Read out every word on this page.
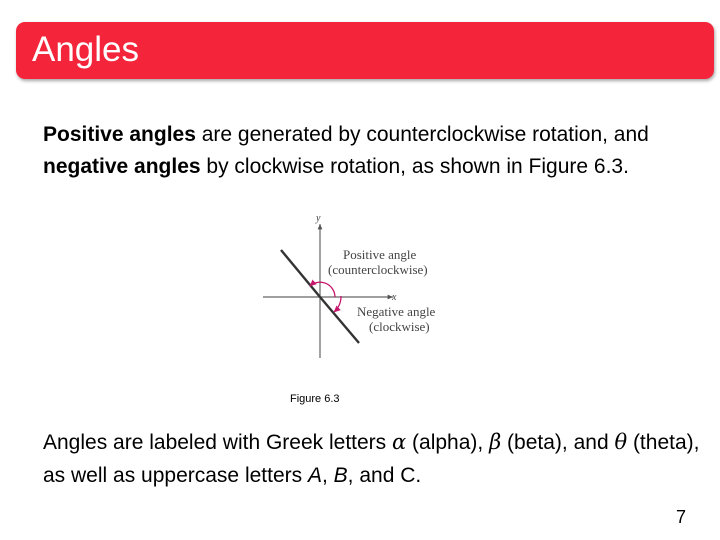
Angles
Positive angles are generated by counterclockwise rotation, and negative angles by clockwise rotation, as shown in Figure 6.3.
y
x
Positive angle
(counterclockwise)
Negative angle
(clockwise)
Figure 6.3
Angles are labeled with Greek letters α (alpha), β (beta), and θ (theta), as well as uppercase letters A, B, and C.
7
